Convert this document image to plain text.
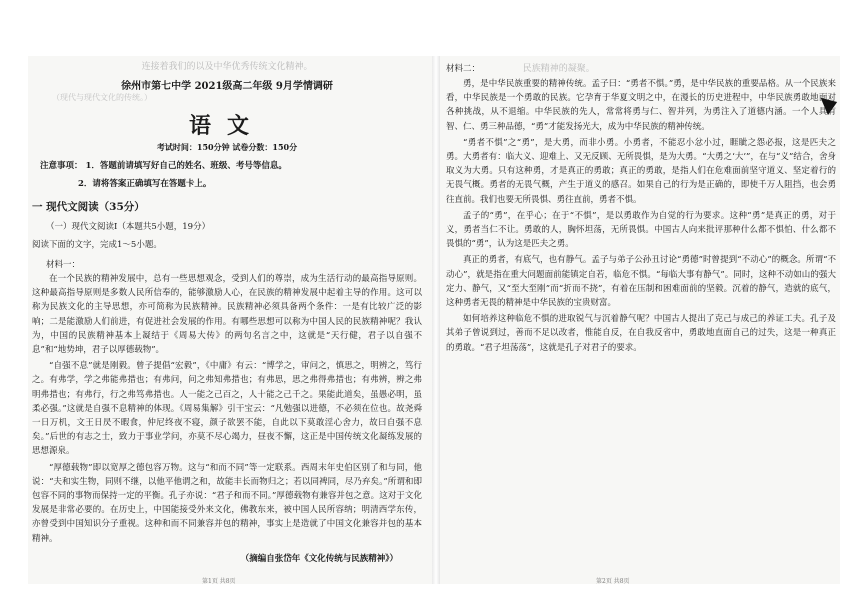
连接着我们的以及中华优秀传统文化精神。
徐州市第七中学 2021级高二年级 9月学情调研
（现代与现代文化的传统。）
语文
考试时间：150分钟 试卷分数：150分
注意事项： 1．答题前请填写好自己的姓名、班级、考号等信息。
2．请将答案正确填写在答题卡上。
一 现代文阅读（35分）
（一）现代文阅读Ⅰ（本题共5小题，19分）
阅读下面的文字，完成1～5小题。
材料一：

在一个民族的精神发展中，总有一些思想观念，受到人们的尊崇，成为生活行动的最高指导原则。这种最高指导原则是多数人民所信奉的，能够激励人心，在民族的精神发展中起着主导的作用。这可以称为民族文化的主导思想，亦可简称为民族精神。民族精神必须具备两个条件：一是有比较广泛的影响；二是能激励人们前进，有促进社会发展的作用。有哪些思想可以称为中国人民的民族精神呢？我认为，中国的民族精神基本上凝结于《周易大传》的两句名言之中，这就是“天行健，君子以自强不息”和“地势坤，君子以厚德载物”。

“自强不息”就是刚毅。曾子提倡“宏毅”，《中庸》有云：“博学之，审问之，慎思之，明辨之，笃行之。有弗学，学之弗能弗措也；有弗问，问之弗知弗措也；有弗思，思之弗得弗措也；有弗辨，辨之弗明弗措也；有弗行，行之弗笃弗措也。人一能之己百之，人十能之己千之。果能此道矣，虽愚必明，虽柔必强。”这就是自强不息精神的体现。《周易集解》引干宝云：“凡勉强以进德，不必须在位也。故尧舜一日万机，文王日昃不暇食，仲尼终夜不寝，颜子欲罢不能，自此以下莫敢淫心舍力，故曰自强不息矣。”后世的有志之士，致力于事业学问，亦莫不尽心竭力，昼夜不懈，这正是中国传统文化凝练发展的思想源泉。

“厚德载物”即以宽厚之德包容万物。这与“和而不同”等一定联系。西周末年史伯区别了和与同，他说：“夫和实生物，同则不继，以他平他谓之和，故能丰长而物归之；若以同裨同，尽乃弃矣。”所谓和即包容不同的事物而保持一定的平衡。孔子亦说：“君子和而不同。”厚德载物有兼容并包之意。这对于文化发展是非常必要的。在历史上，中国能接受外来文化，佛教东来，被中国人民所容纳；明清西学东传，亦曾受到中国知识分子重视。这种和而不同兼容并包的精神，事实上是造就了中国文化兼容并包的基本精神。

（摘编自张岱年《文化传统与民族精神》）
第1页 共8页
材料二：	民族精神的凝聚。

勇，是中华民族重要的精神传统。孟子曰：“勇者不惧。”勇，是中华民族的重要品格。从一个民族来看，中华民族是一个勇敢的民族。它孕育于华夏文明之中，在漫长的历史进程中，中华民族勇敢地面对各种挑战，从不退缩。中华民族的先人，常常将勇与仁、智并列，为勇注入了道德内涵。一个人具有智、仁、勇三种品德，“勇”才能发扬光大，成为中华民族的精神传统。

“勇者不惧”之“勇”，是大勇，而非小勇。小勇者，不能忍小忿小过，睚眦之怨必报，这是匹夫之勇。大勇者有：临大义、迎难上、又无反顾、无所畏惧，是为大勇。“大勇之‘大’”，在与“义”结合，舍身取义为大勇。只有这种勇，才是真正的勇敢；真正的勇敢，是指人们在危难面前坚守道义、坚定着行的无畏气概。勇者的无畏气概，产生于道义的感召。如果自己的行为是正确的，即使千万人阻挡，也会勇往直前。我们也要无所畏惧、勇往直前，勇者不惧。

孟子的“勇”，在乎心；在于“不惧”，是以勇敢作为自觉的行为要求。这种“勇”是真正的勇，对于义，勇者当仁不让。勇敢的人，胸怀坦荡，无所畏惧。中国古人向来批评那种什么都不惧怕、什么都不畏惧的“勇”，认为这是匹夫之勇。

真正的勇者，有底气，也有静气。孟子与弟子公孙丑讨论“勇德”时曾提到“不动心”的概念。所谓“不动心”，就是指在重大问题面前能镇定自若，临危不惧。“每临大事有静气”。同时，这种不动如山的强大定力、静气，又“至大至刚”而“折而不挠”，有着在压制和困难面前的坚毅。沉着的静气，造就的底气，这种勇者无畏的精神是中华民族的宝贵财富。

如何培养这种临危不惧的进取锐气与沉着静气呢？中国古人提出了克己与成己的养证工夫。孔子及其弟子曾说到过，善而不足以改者，惟能自反，在自我反省中，勇敢地直面自己的过失，这是一种真正的勇敢。“君子坦荡荡”，这就是孔子对君子的要求。

第2页 共8页
